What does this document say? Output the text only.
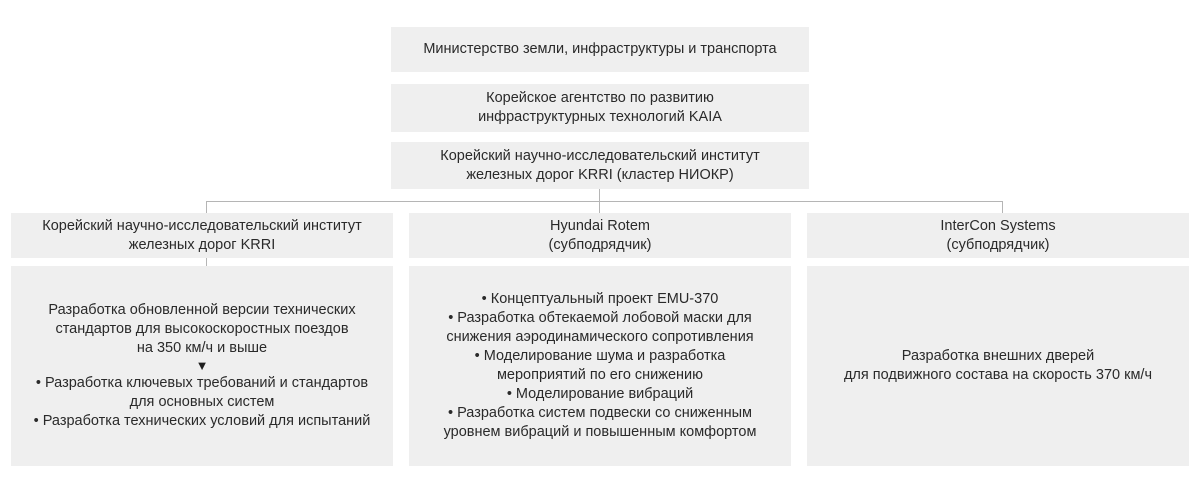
Министерство земли, инфраструктуры и транспорта
Корейское агентство по развитию
инфраструктурных технологий KAIA
Корейский научно-исследовательский институт
железных дорог KRRI (кластер НИОКР)
Корейский научно-исследовательский институт
железных дорог KRRI
Hyundai Rotem
(субподрядчик)
InterCon Systems
(субподрядчик)
Разработка обновленной версии технических
стандартов для высокоскоростных поездов
на 350 км/ч и выше
▼
• Разработка ключевых требований и стандартов
для основных систем
• Разработка технических условий для испытаний
• Концептуальный проект EMU-370
• Разработка обтекаемой лобовой маски для
снижения аэродинамического сопротивления
• Моделирование шума и разработка
мероприятий по его снижению
• Моделирование вибраций
• Разработка систем подвески со сниженным
уровнем вибраций и повышенным комфортом
Разработка внешних дверей
для подвижного состава на скорость 370 км/ч
